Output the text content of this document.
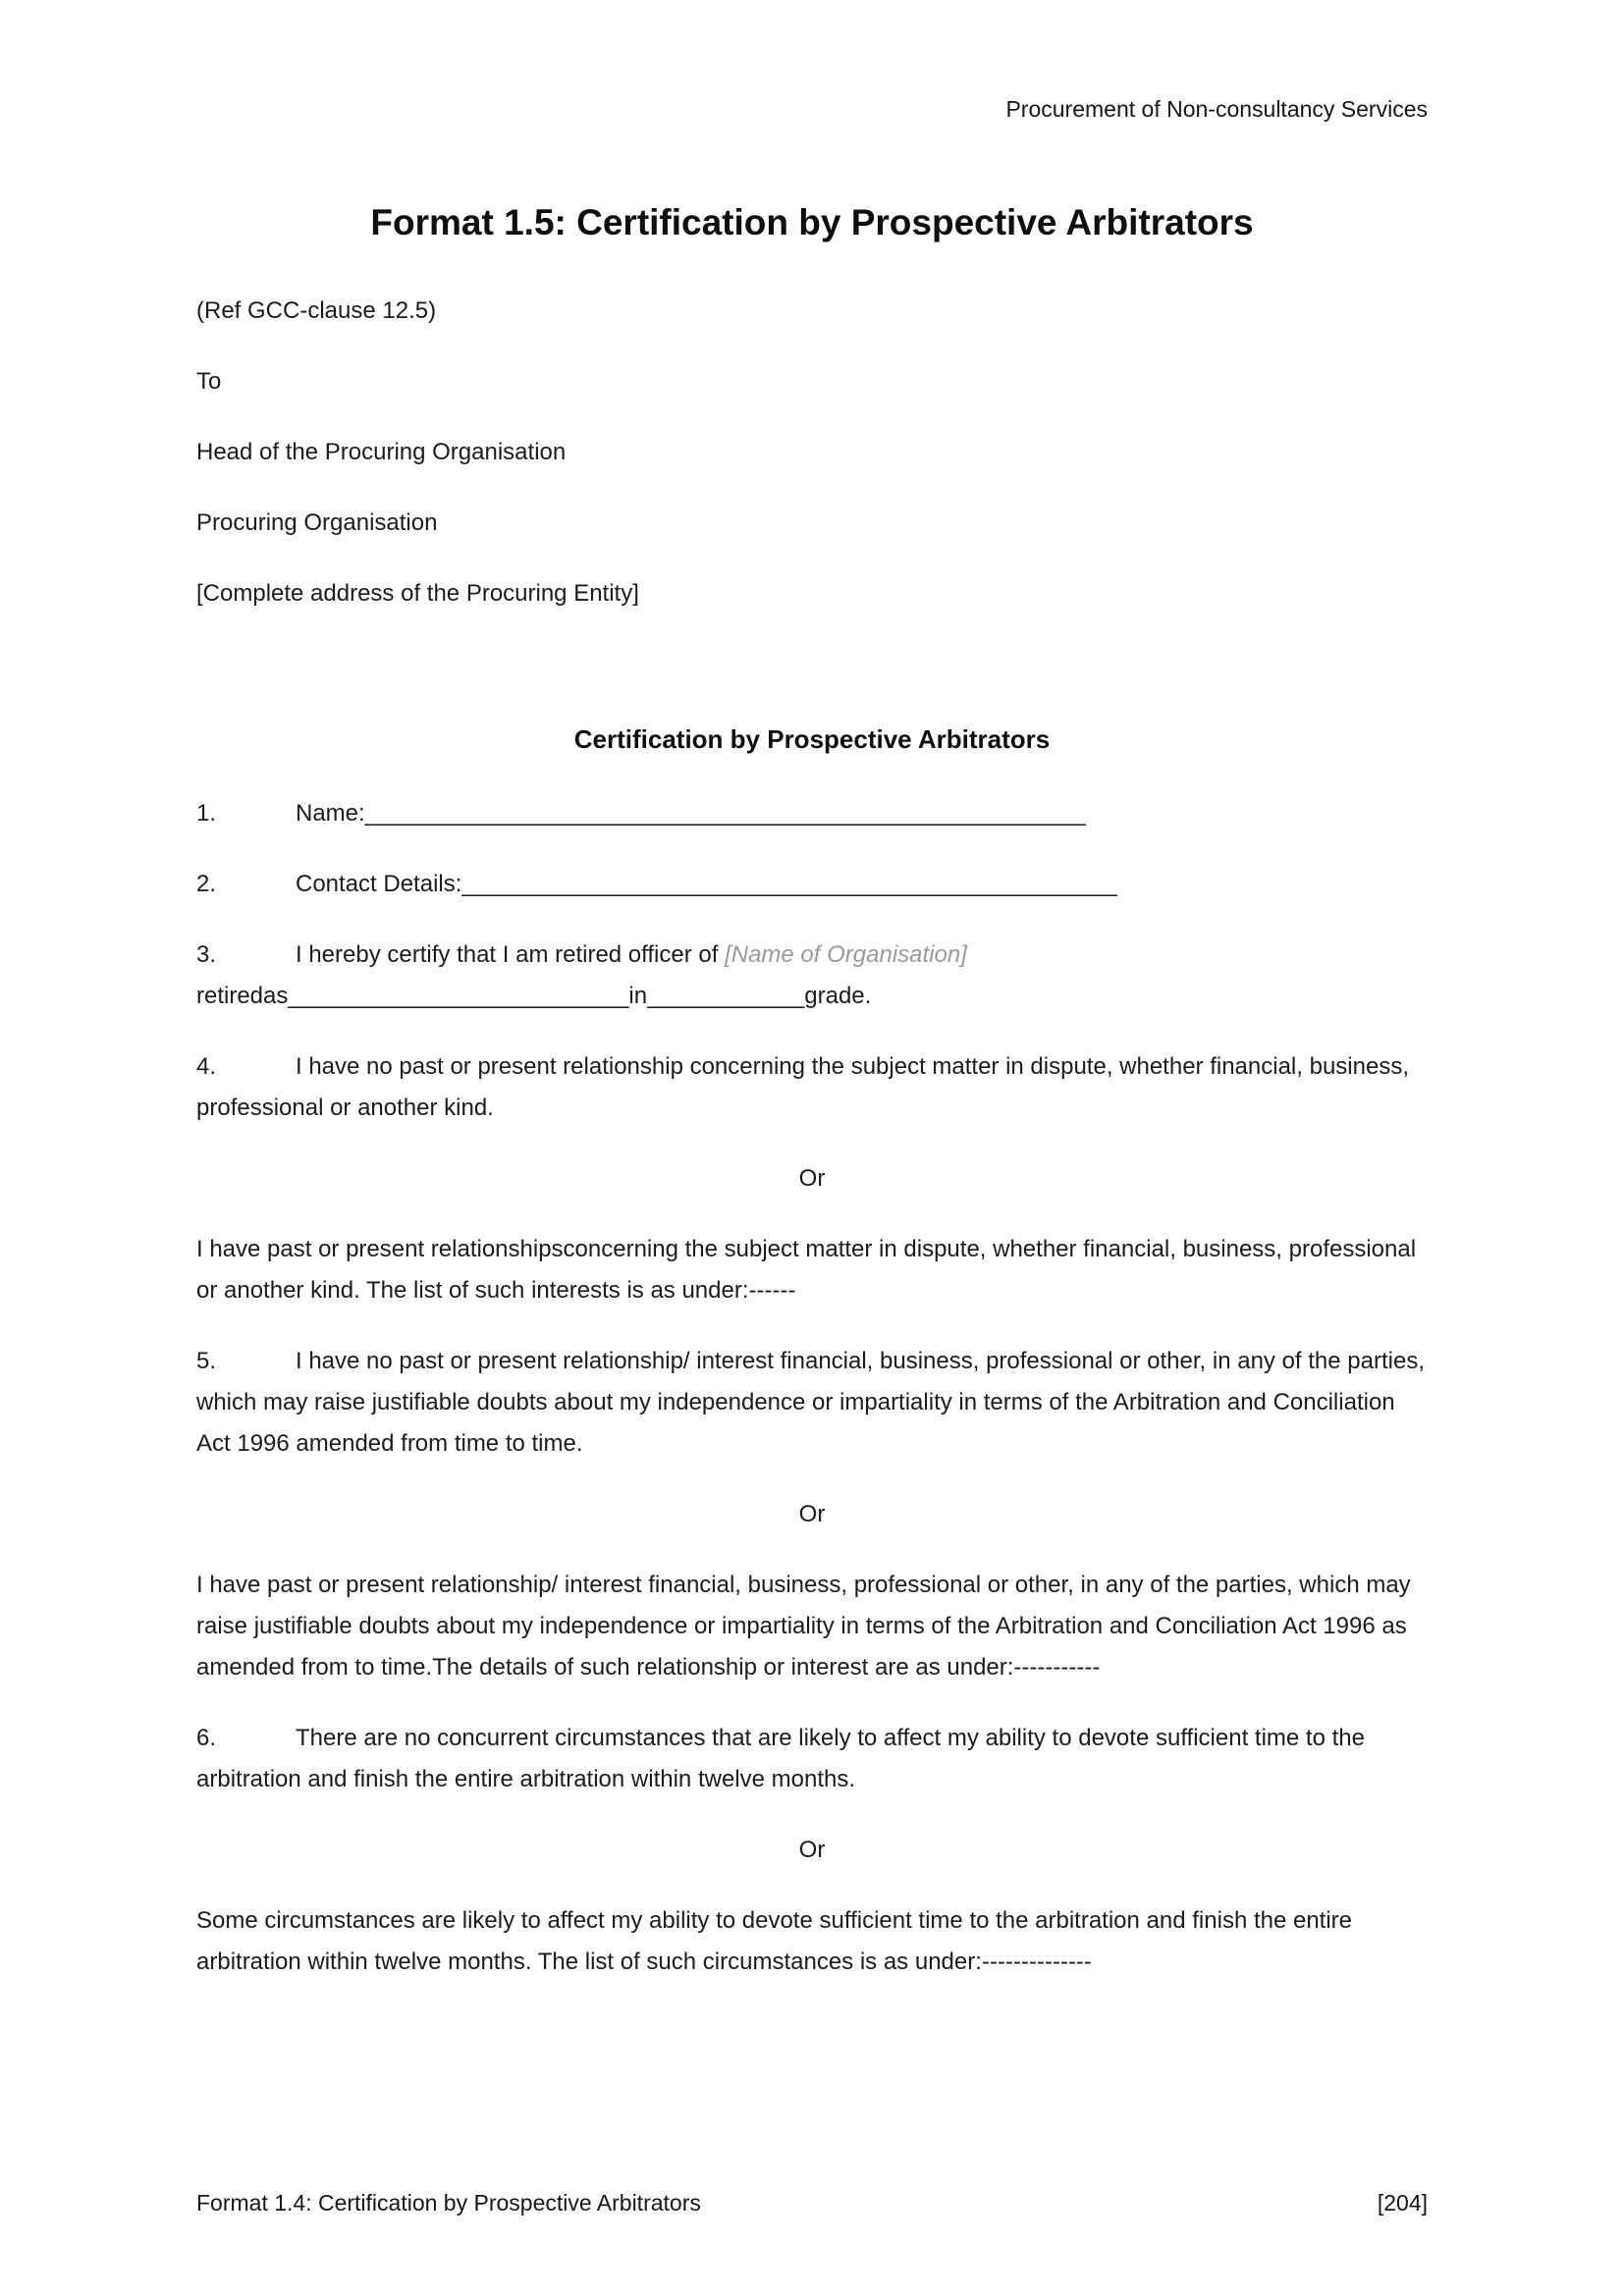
Procurement of Non-consultancy Services
Format 1.5: Certification by Prospective Arbitrators

(Ref GCC-clause 12.5)

To

Head of the Procuring Organisation

Procuring Organisation

[Complete address of the Procuring Entity]

Certification by Prospective Arbitrators

1.	Name:_______________________________________________________

2.	Contact Details:__________________________________________________

3.	I hereby certify that I am retired officer of [Name of Organisation]
retiredas__________________________in____________grade.

4.	I have no past or present relationship concerning the subject matter in dispute, whether financial, business, professional or another kind.

Or

I have past or present relationshipsconcerning the subject matter in dispute, whether financial, business, professional or another kind. The list of such interests is as under:------

5.	I have no past or present relationship/ interest financial, business, professional or other, in any of the parties, which may raise justifiable doubts about my independence or impartiality in terms of the Arbitration and Conciliation Act 1996 amended from time to time.

Or

I have past or present relationship/ interest financial, business, professional or other, in any of the parties, which may raise justifiable doubts about my independence or impartiality in terms of the Arbitration and Conciliation Act 1996 as amended from to time.The details of such relationship or interest are as under:-----------

6.	There are no concurrent circumstances that are likely to affect my ability to devote sufficient time to the arbitration and finish the entire arbitration within twelve months.

Or

Some circumstances are likely to affect my ability to devote sufficient time to the arbitration and finish the entire arbitration within twelve months. The list of such circumstances is as under:--------------

Format 1.4: Certification by Prospective Arbitrators	[204]
